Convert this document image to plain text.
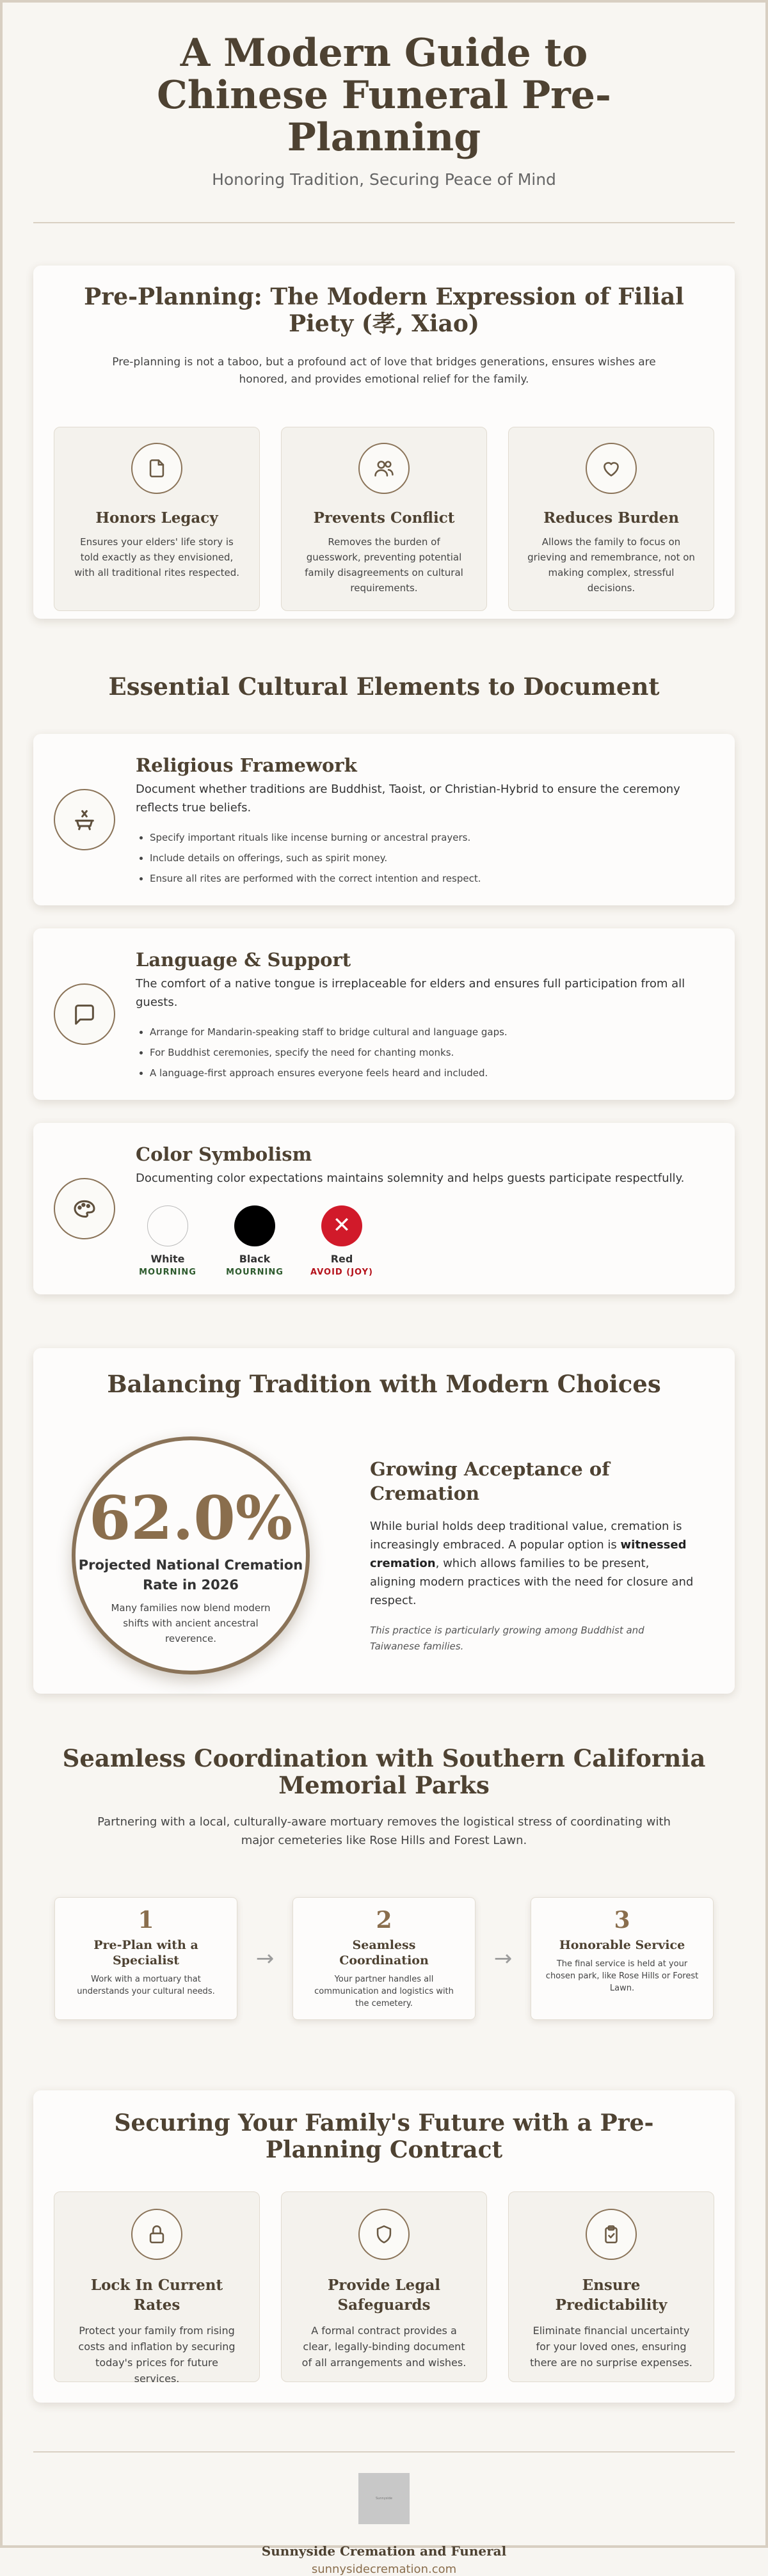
A Modern Guide to Chinese Funeral Pre-Planning
Honoring Tradition, Securing Peace of Mind
Pre-Planning: The Modern Expression of Filial Piety (孝, Xiao)

Pre-planning is not a taboo, but a profound act of love that bridges generations, ensures wishes are honored, and provides emotional relief for the family.

Honors Legacy

Ensures your elders' life story is told exactly as they envisioned, with all traditional rites respected.

Prevents Conflict

Removes the burden of guesswork, preventing potential family disagreements on cultural requirements.

Reduces Burden

Allows the family to focus on grieving and remembrance, not on making complex, stressful decisions.

Essential Cultural Elements to Document
Religious Framework

Document whether traditions are Buddhist, Taoist, or Christian-Hybrid to ensure the ceremony reflects true beliefs.

• Specify important rituals like incense burning or ancestral prayers.
• Include details on offerings, such as spirit money.
• Ensure all rites are performed with the correct intention and respect.
Language & Support

The comfort of a native tongue is irreplaceable for elders and ensures full participation from all guests.

• Arrange for Mandarin-speaking staff to bridge cultural and language gaps.
• For Buddhist ceremonies, specify the need for chanting monks.
• A language-first approach ensures everyone feels heard and included.
Color Symbolism

Documenting color expectations maintains solemnity and helps guests participate respectfully.

White
MOURNING
Black
MOURNING
✕
Red
AVOID (JOY)
Balancing Tradition with Modern Choices
62.0%
Projected National Cremation Rate in 2026
Many families now blend modern shifts with ancient ancestral reverence.
Growing Acceptance of Cremation

While burial holds deep traditional value, cremation is increasingly embraced. A popular option is witnessed cremation, which allows families to be present, aligning modern practices with the need for closure and respect.

This practice is particularly growing among Buddhist and Taiwanese families.

Seamless Coordination with Southern California Memorial Parks

Partnering with a local, culturally-aware mortuary removes the logistical stress of coordinating with major cemeteries like Rose Hills and Forest Lawn.

1
Pre-Plan with a Specialist

Work with a mortuary that understands your cultural needs.

→
2
Seamless Coordination

Your partner handles all communication and logistics with the cemetery.

→
3
Honorable Service

The final service is held at your chosen park, like Rose Hills or Forest Lawn.

Securing Your Family's Future with a Pre-Planning Contract
Lock In Current Rates

Protect your family from rising costs and inflation by securing today's prices for future services.

Provide Legal Safeguards

A formal contract provides a clear, legally-binding document of all arrangements and wishes.

Ensure Predictability

Eliminate financial uncertainty for your loved ones, ensuring there are no surprise expenses.

Sunnyside
Sunnyside Cremation and Funeral
sunnysidecremation.com
